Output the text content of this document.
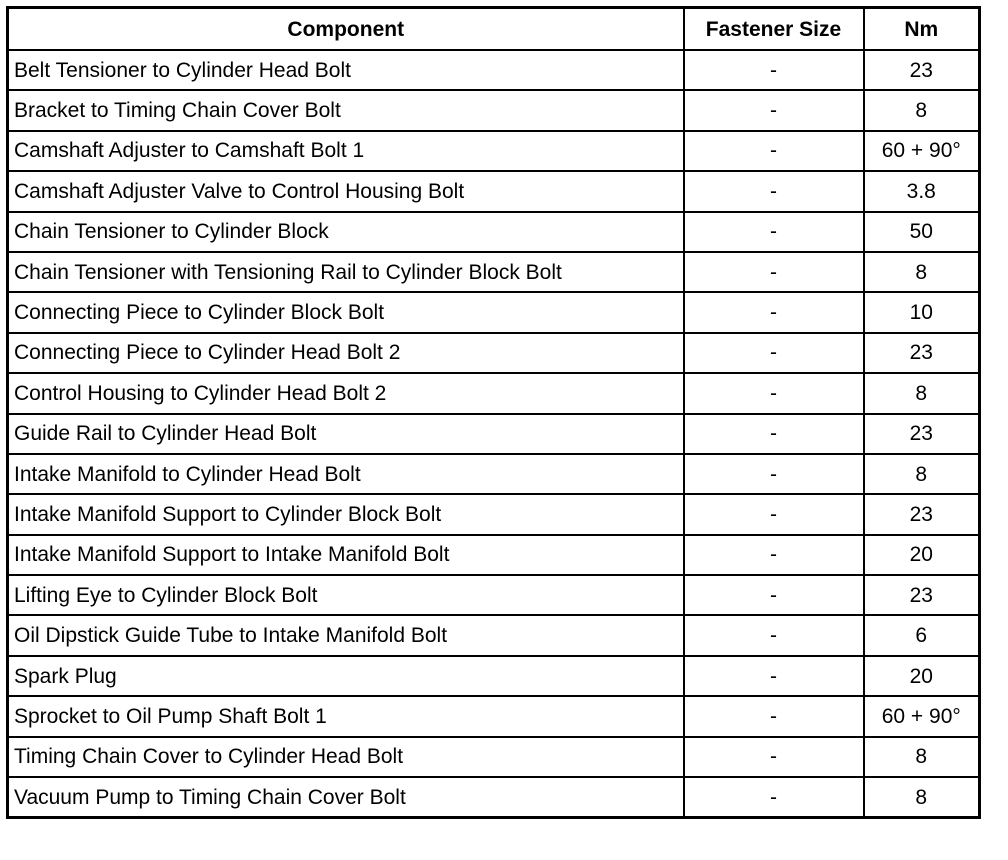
Component	Fastener Size	Nm
Belt Tensioner to Cylinder Head Bolt	-	23
Bracket to Timing Chain Cover Bolt	-	8
Camshaft Adjuster to Camshaft Bolt 1	-	60 + 90°
Camshaft Adjuster Valve to Control Housing Bolt	-	3.8
Chain Tensioner to Cylinder Block	-	50
Chain Tensioner with Tensioning Rail to Cylinder Block Bolt	-	8
Connecting Piece to Cylinder Block Bolt	-	10
Connecting Piece to Cylinder Head Bolt 2	-	23
Control Housing to Cylinder Head Bolt 2	-	8
Guide Rail to Cylinder Head Bolt	-	23
Intake Manifold to Cylinder Head Bolt	-	8
Intake Manifold Support to Cylinder Block Bolt	-	23
Intake Manifold Support to Intake Manifold Bolt	-	20
Lifting Eye to Cylinder Block Bolt	-	23
Oil Dipstick Guide Tube to Intake Manifold Bolt	-	6
Spark Plug	-	20
Sprocket to Oil Pump Shaft Bolt 1	-	60 + 90°
Timing Chain Cover to Cylinder Head Bolt	-	8
Vacuum Pump to Timing Chain Cover Bolt	-	8
